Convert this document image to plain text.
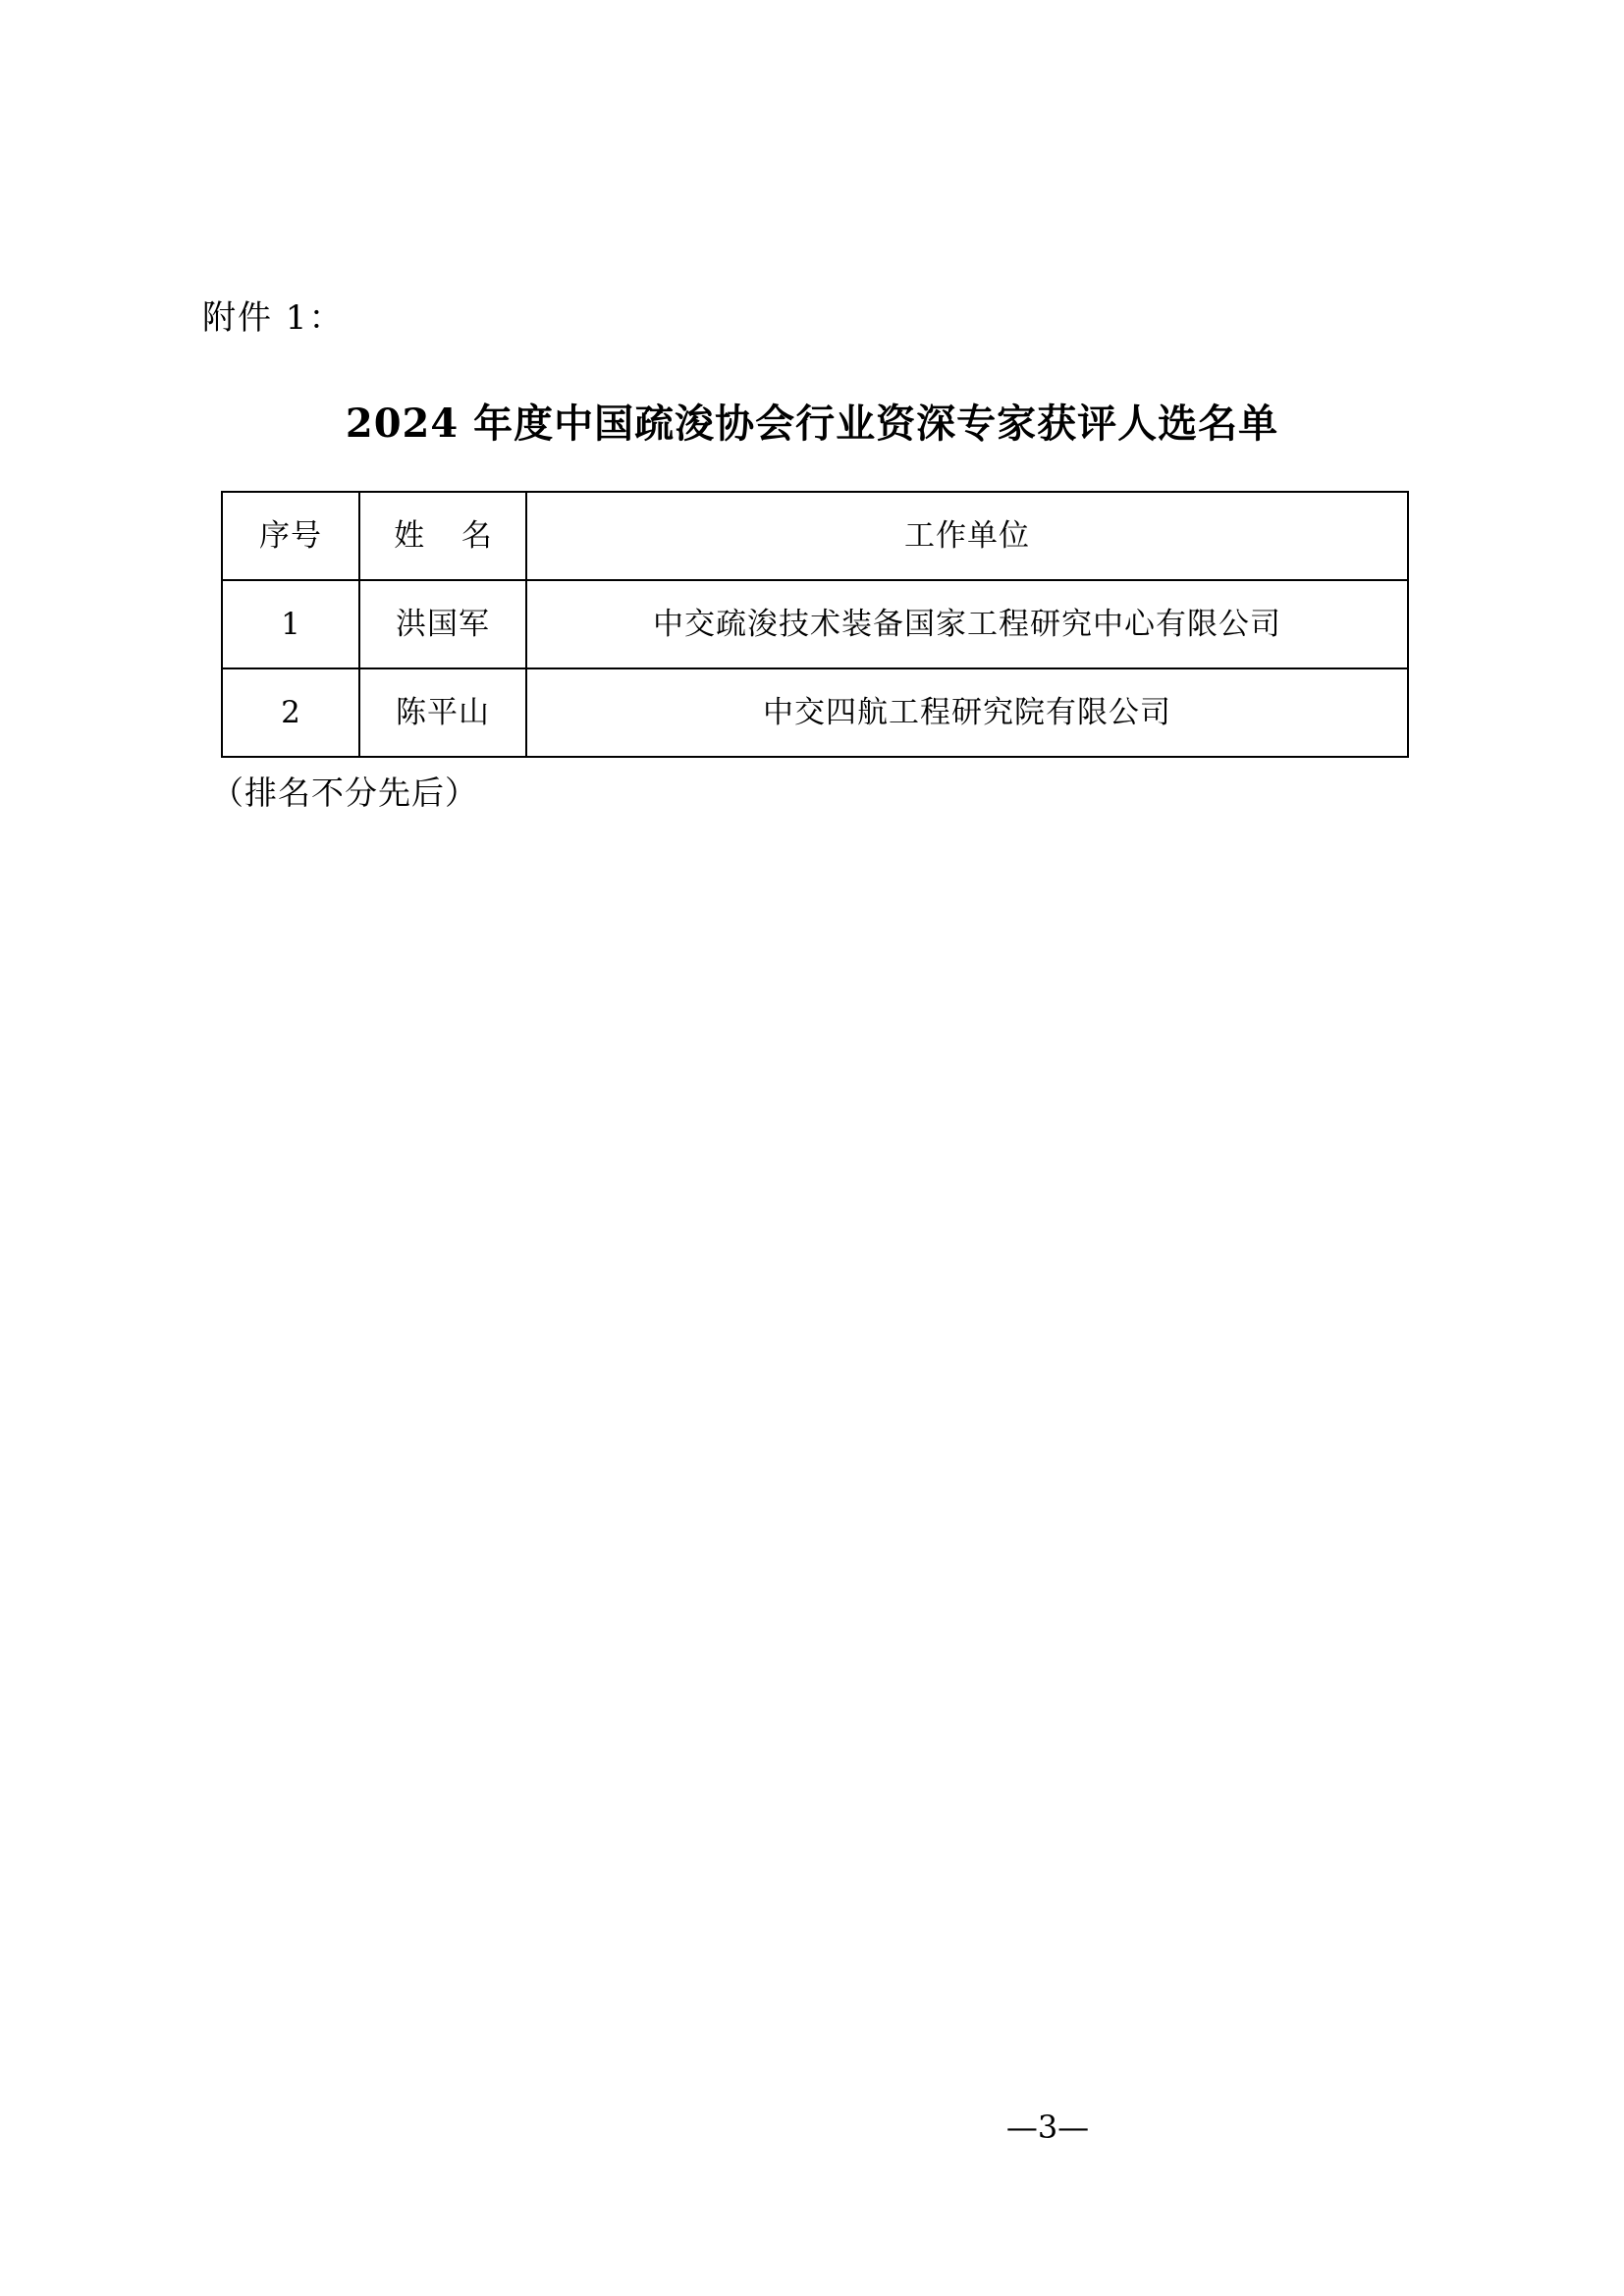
附件 1：
2024 年度中国疏浚协会行业资深专家获评人选名单
序号	姓 名	工作单位
1	洪国军	中交疏浚技术装备国家工程研究中心有限公司
2	陈平山	中交四航工程研究院有限公司
（排名不分先后）
—3—
